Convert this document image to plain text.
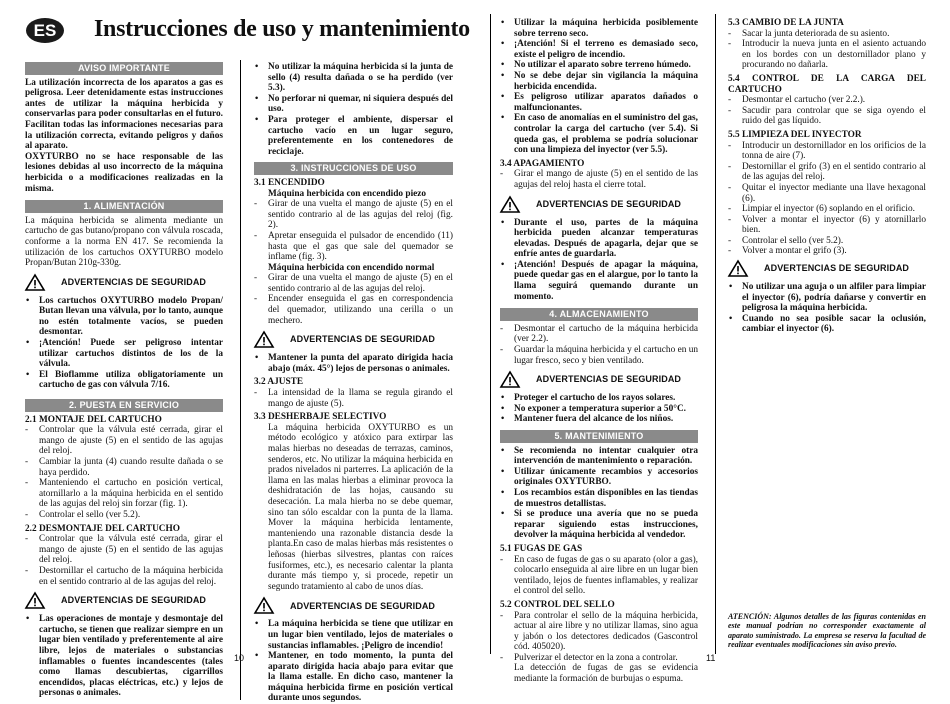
ES	Instrucciones de uso y mantenimiento
AVISO IMPORTANTE

La utilización incorrecta de los aparatos a gas es peligrosa. Leer detenidamente estas instrucciones antes de utilizar la máquina herbicida y conservarlas para poder consultarlas en el futuro. Facilitan todas las informaciones necesarias para la utilización correcta, evitando peligros y daños al aparato.

OXYTURBO no se hace responsable de las lesiones debidas al uso incorrecto de la máquina herbicida o a modificaciones realizadas en la misma.

1. ALIMENTACIÓN

La máquina herbicida se alimenta mediante un cartucho de gas butano/propano con válvula roscada, conforme a la norma EN 417. Se recomienda la utilización de los cartuchos OXYTURBO modelo Propan/Butan 210g-330g.

ADVERTENCIAS DE SEGURIDAD
• Los cartuchos OXYTURBO modelo Propan/ Butan llevan una válvula, por lo tanto, aunque no estén totalmente vacíos, se pueden desmontar.
• ¡Atención! Puede ser peligroso intentar utilizar cartuchos distintos de los de la válvula.
• El Bioflamme utiliza obligatoriamente un cartucho de gas con válvula 7/16.
2. PUESTA EN SERVICIO
2.1 MONTAJE DEL CARTUCHO
- Controlar que la válvula esté cerrada, girar el mango de ajuste (5) en el sentido de las agujas del reloj.
- Cambiar la junta (4) cuando resulte dañada o se haya perdido.
- Manteniendo el cartucho en posición vertical, atornillarlo a la máquina herbicida en el sentido de las agujas del reloj sin forzar (fig. 1).
- Controlar el sello (ver 5.2).
2.2 DESMONTAJE DEL CARTUCHO
- Controlar que la válvula esté cerrada, girar el mango de ajuste (5) en el sentido de las agujas del reloj.
- Destornillar el cartucho de la máquina herbicida en el sentido contrario al de las agujas del reloj.
ADVERTENCIAS DE SEGURIDAD
• Las operaciones de montaje y desmontaje del cartucho, se tienen que realizar siempre en un lugar bien ventilado y preferentemente al aire libre, lejos de materiales o substancias inflamables o fuentes incandescentes (tales como llamas descubiertas, cigarrillos encendidos, placas eléctricas, etc.) y lejos de personas o animales.
• No utilizar la máquina herbicida si la junta de sello (4) resulta dañada o se ha perdido (ver 5.3).
• No perforar ni quemar, ni siquiera después del uso.
• Para proteger el ambiente, dispersar el cartucho vacío en un lugar seguro, preferentemente en los contenedores de reciclaje.
3. INSTRUCCIONES DE USO
3.1 ENCENDIDO
Máquina herbicida con encendido piezo
- Girar de una vuelta el mango de ajuste (5) en el sentido contrario al de las agujas del reloj (fig. 2).
- Apretar enseguida el pulsador de encendido (11) hasta que el gas que sale del quemador se inflame (fig. 3).
Máquina herbicida con encendido normal
- Girar de una vuelta el mango de ajuste (5) en el sentido contrario al de las agujas del reloj.
- Encender enseguida el gas en correspondencia del quemador, utilizando una cerilla o un mechero.
ADVERTENCIAS DE SEGURIDAD
• Mantener la punta del aparato dirigida hacia abajo (máx. 45°) lejos de personas o animales.
3.2 AJUSTE
- La intensidad de la llama se regula girando el mango de ajuste (5).
3.3 DESHERBAJE SELECTIVO

La máquina herbicida OXYTURBO es un método ecológico y atóxico para extirpar las malas hierbas no deseadas de terrazas, caminos, senderos, etc. No utilizar la máquina herbicida en prados nivelados ni parterres. La aplicación de la llama en las malas hierbas a eliminar provoca la deshidratación de las hojas, causando su desecación. La mala hierba no se debe quemar, sino tan sólo escaldar con la punta de la llama. Mover la máquina herbicida lentamente, manteniendo una razonable distancia desde la planta.En caso de malas hierbas más resistentes o leñosas (hierbas silvestres, plantas con raíces fusiformes, etc.), es necesario calentar la planta durante más tiempo y, si procede, repetir un segundo tratamiento al cabo de unos días.

ADVERTENCIAS DE SEGURIDAD
• La máquina herbicida se tiene que utilizar en un lugar bien ventilado, lejos de materiales o sustancias inflamables. ¡Peligro de incendio!
• Mantener, en todo momento, la punta del aparato dirigida hacia abajo para evitar que la llama estalle. En dicho caso, mantener la máquina herbicida firme en posición vertical durante unos segundos.
• Utilizar la máquina herbicida posiblemente sobre terreno seco.
• ¡Atención! Si el terreno es demasiado seco, existe el peligro de incendio.
• No utilizar el aparato sobre terreno húmedo.
• No se debe dejar sin vigilancia la máquina herbicida encendida.
• Es peligroso utilizar aparatos dañados o malfuncionantes.
• En caso de anomalías en el suministro del gas, controlar la carga del cartucho (ver 5.4). Si queda gas, el problema se podría solucionar con una limpieza del inyector (ver 5.5).
3.4 APAGAMIENTO
- Girar el mango de ajuste (5) en el sentido de las agujas del reloj hasta el cierre total.
ADVERTENCIAS DE SEGURIDAD
• Durante el uso, partes de la máquina herbicida pueden alcanzar temperaturas elevadas. Después de apagarla, dejar que se enfríe antes de guardarla.
• ¡Atención! Después de apagar la máquina, puede quedar gas en el alargue, por lo tanto la llama seguirá quemando durante un momento.
4. ALMACENAMIENTO
- Desmontar el cartucho de la máquina herbicida (ver 2.2).
- Guardar la máquina herbicida y el cartucho en un lugar fresco, seco y bien ventilado.
ADVERTENCIAS DE SEGURIDAD
• Proteger el cartucho de los rayos solares.
• No exponer a temperatura superior a 50°C.
• Mantener fuera del alcance de los niños.
5. MANTENIMIENTO
• Se recomienda no intentar cualquier otra intervención de mantenimiento o reparación.
• Utilizar únicamente recambios y accesorios originales OXYTURBO.
• Los recambios están disponibles en las tiendas de muestros detallistas.
• Si se produce una avería que no se pueda reparar siguiendo estas instrucciones, devolver la máquina herbicida al vendedor.
5.1 FUGAS DE GAS
- En caso de fugas de gas o su aparato (olor a gas), colocarlo enseguida al aire libre en un lugar bien ventilado, lejos de fuentes inflamables, y realizar el control del sello.
5.2 CONTROL DEL SELLO
- Para controlar el sello de la máquina herbicida, actuar al aire libre y no utilizar llamas, sino agua y jabón o los detectores dedicados (Gascontrol cód. 405020).
- Pulverizar el detector en la zona a controlar.

La detección de fugas de gas se evidencia mediante la formación de burbujas o espuma.

5.3 CAMBIO DE LA JUNTA
- Sacar la junta deteriorada de su asiento.
- Introducir la nueva junta en el asiento actuando en los bordes con un destornillador plano y procurando no dañarla.
5.4 CONTROL DE LA CARGA DEL CARTUCHO
- Desmontar el cartucho (ver 2.2.).
- Sacudir para controlar que se siga oyendo el ruido del gas líquido.
5.5 LIMPIEZA DEL INYECTOR
- Introducir un destornillador en los orificios de la tonna de aire (7).
- Destornillar el grifo (3) en el sentido contrario al de las agujas del reloj.
- Quitar el inyector mediante una llave hexagonal (6).
- Limpiar el inyector (6) soplando en el orificio.
- Volver a montar el inyector (6) y atornillarlo bien.
- Controlar el sello (ver 5.2).
- Volver a montar el grifo (3).
ADVERTENCIAS DE SEGURIDAD
• No utilizar una aguja o un alfiler para limpiar el inyector (6), podría dañarse y convertir en peligrosa la máquina herbicida.
• Cuando no sea posible sacar la oclusión, cambiar el inyector (6).
ATENCIÓN: Algunos detalles de las figuras contenidas en este manual podrían no corresponder exactamente al aparato suministrado. La empresa se reserva la facultad de realizar eventuales modificaciones sin aviso previo.
10	11
